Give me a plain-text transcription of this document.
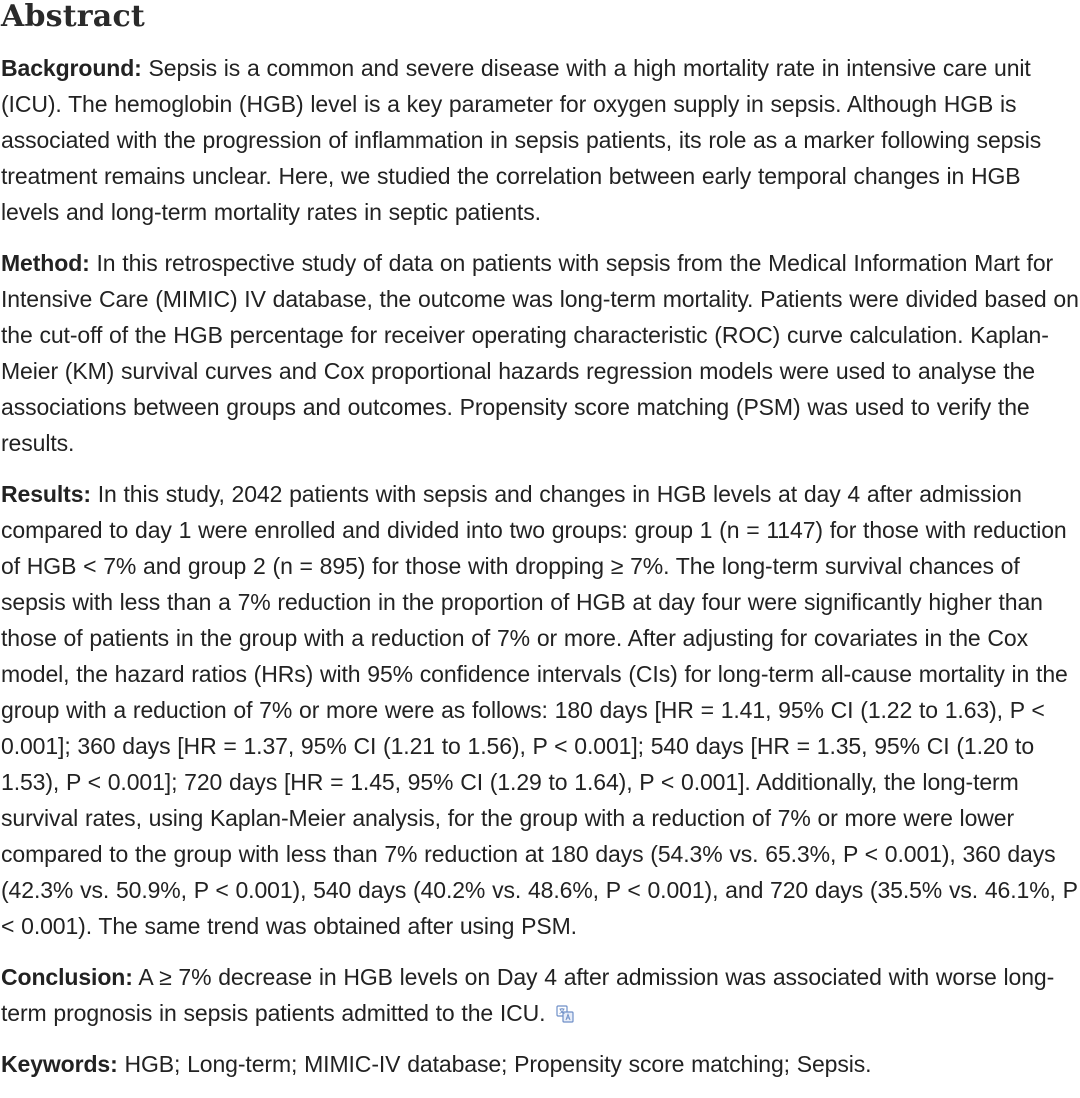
Abstract

Background: Sepsis is a common and severe disease with a high mortality rate in intensive care unit (ICU). The hemoglobin (HGB) level is a key parameter for oxygen supply in sepsis. Although HGB is associated with the progression of inflammation in sepsis patients, its role as a marker following sepsis treatment remains unclear. Here, we studied the correlation between early temporal changes in HGB levels and long-term mortality rates in septic patients.

Method: In this retrospective study of data on patients with sepsis from the Medical Information Mart for Intensive Care (MIMIC) IV database, the outcome was long-term mortality. Patients were divided based on the cut-off of the HGB percentage for receiver operating characteristic (ROC) curve calculation. Kaplan-Meier (KM) survival curves and Cox proportional hazards regression models were used to analyse the associations between groups and outcomes. Propensity score matching (PSM) was used to verify the results.

Results: In this study, 2042 patients with sepsis and changes in HGB levels at day 4 after admission compared to day 1 were enrolled and divided into two groups: group 1 (n = 1147) for those with reduction of HGB < 7% and group 2 (n = 895) for those with dropping ≥ 7%. The long-term survival chances of sepsis with less than a 7% reduction in the proportion of HGB at day four were significantly higher than those of patients in the group with a reduction of 7% or more. After adjusting for covariates in the Cox model, the hazard ratios (HRs) with 95% confidence intervals (CIs) for long-term all-cause mortality in the group with a reduction of 7% or more were as follows: 180 days [HR = 1.41, 95% CI (1.22 to 1.63), P < 0.001]; 360 days [HR = 1.37, 95% CI (1.21 to 1.56), P < 0.001]; 540 days [HR = 1.35, 95% CI (1.20 to 1.53), P < 0.001]; 720 days [HR = 1.45, 95% CI (1.29 to 1.64), P < 0.001]. Additionally, the long-term survival rates, using Kaplan-Meier analysis, for the group with a reduction of 7% or more were lower compared to the group with less than 7% reduction at 180 days (54.3% vs. 65.3%, P < 0.001), 360 days (42.3% vs. 50.9%, P < 0.001), 540 days (40.2% vs. 48.6%, P < 0.001), and 720 days (35.5% vs. 46.1%, P < 0.001). The same trend was obtained after using PSM.

Conclusion: A ≥ 7% decrease in HGB levels on Day 4 after admission was associated with worse long-term prognosis in sepsis patients admitted to the ICU.

Keywords: HGB; Long-term; MIMIC-IV database; Propensity score matching; Sepsis.
